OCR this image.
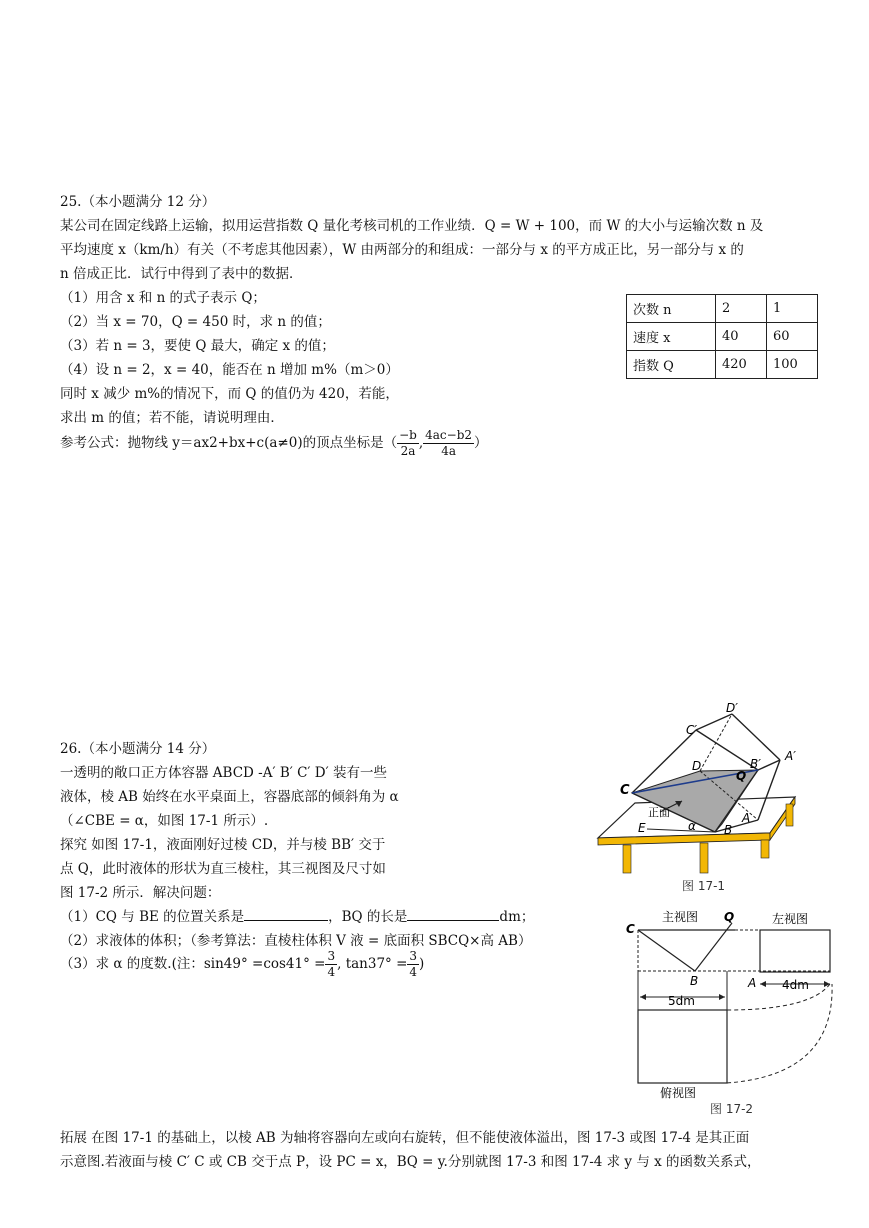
25.（本小题满分 12 分）
某公司在固定线路上运输，拟用运营指数 Q 量化考核司机的工作业绩．Q = W + 100，而 W 的大小与运输次数 n 及
平均速度 x（km/h）有关（不考虑其他因素），W 由两部分的和组成：一部分与 x 的平方成正比，另一部分与 x 的
n 倍成正比．试行中得到了表中的数据．
（1）用含 x 和 n 的式子表示 Q；
（2）当 x = 70，Q = 450 时，求 n 的值；
（3）若 n = 3，要使 Q 最大，确定 x 的值；
（4）设 n = 2，x = 40，能否在 n 增加 m%（m＞0）
同时 x 减少 m%的情况下，而 Q 的值仍为 420，若能，
求出 m 的值；若不能，请说明理由．
参考公式：抛物线 y＝ax2+bx+c(a≠0)的顶点坐标是（ $\frac{-b}{2a}$ , $\frac{4ac-b2}{4a}$ ）
次数 n	2	1
速度 x	40	60
指数 Q	420	100
26.（本小题满分 14 分）
一透明的敞口正方体容器 ABCD -A′ B′ C′ D′ 装有一些
液体，棱 AB 始终在水平桌面上，容器底部的倾斜角为 α
（∠CBE = α，如图 17-1 所示）.
探究 如图 17-1，液面刚好过棱 CD，并与棱 BB′ 交于
点 Q，此时液体的形状为直三棱柱，其三视图及尺寸如
图 17-2 所示．解决问题：
（1）CQ 与 BE 的位置关系是	，BQ 的长是	dm；
（2）求液体的体积；（参考算法：直棱柱体积 V 液 = 底面积 SBCQ×高 AB）
（3）求 α 的度数.(注：$\sin 49^\circ =\cos 41^\circ = \frac{3}{4}$ , $\tan 37^\circ = \frac{3}{4}$ )
拓展 在图 17-1 的基础上，以棱 AB 为轴将容器向左或向右旋转，但不能使液体溢出，图 17-3 或图 17-4 是其正面
示意图.若液面与棱 C′ C 或 CB 交于点 P，设 PC = x，BQ = y.分别就图 17-3 和图 17-4 求 y 与 x 的函数关系式，
D′
C′
A′
B′
D
C
Q
A
B
E	α
正面
图 17-1
主视图	左视图
C
Q
B	A
5dm
4dm
俯视图
图 17-2
